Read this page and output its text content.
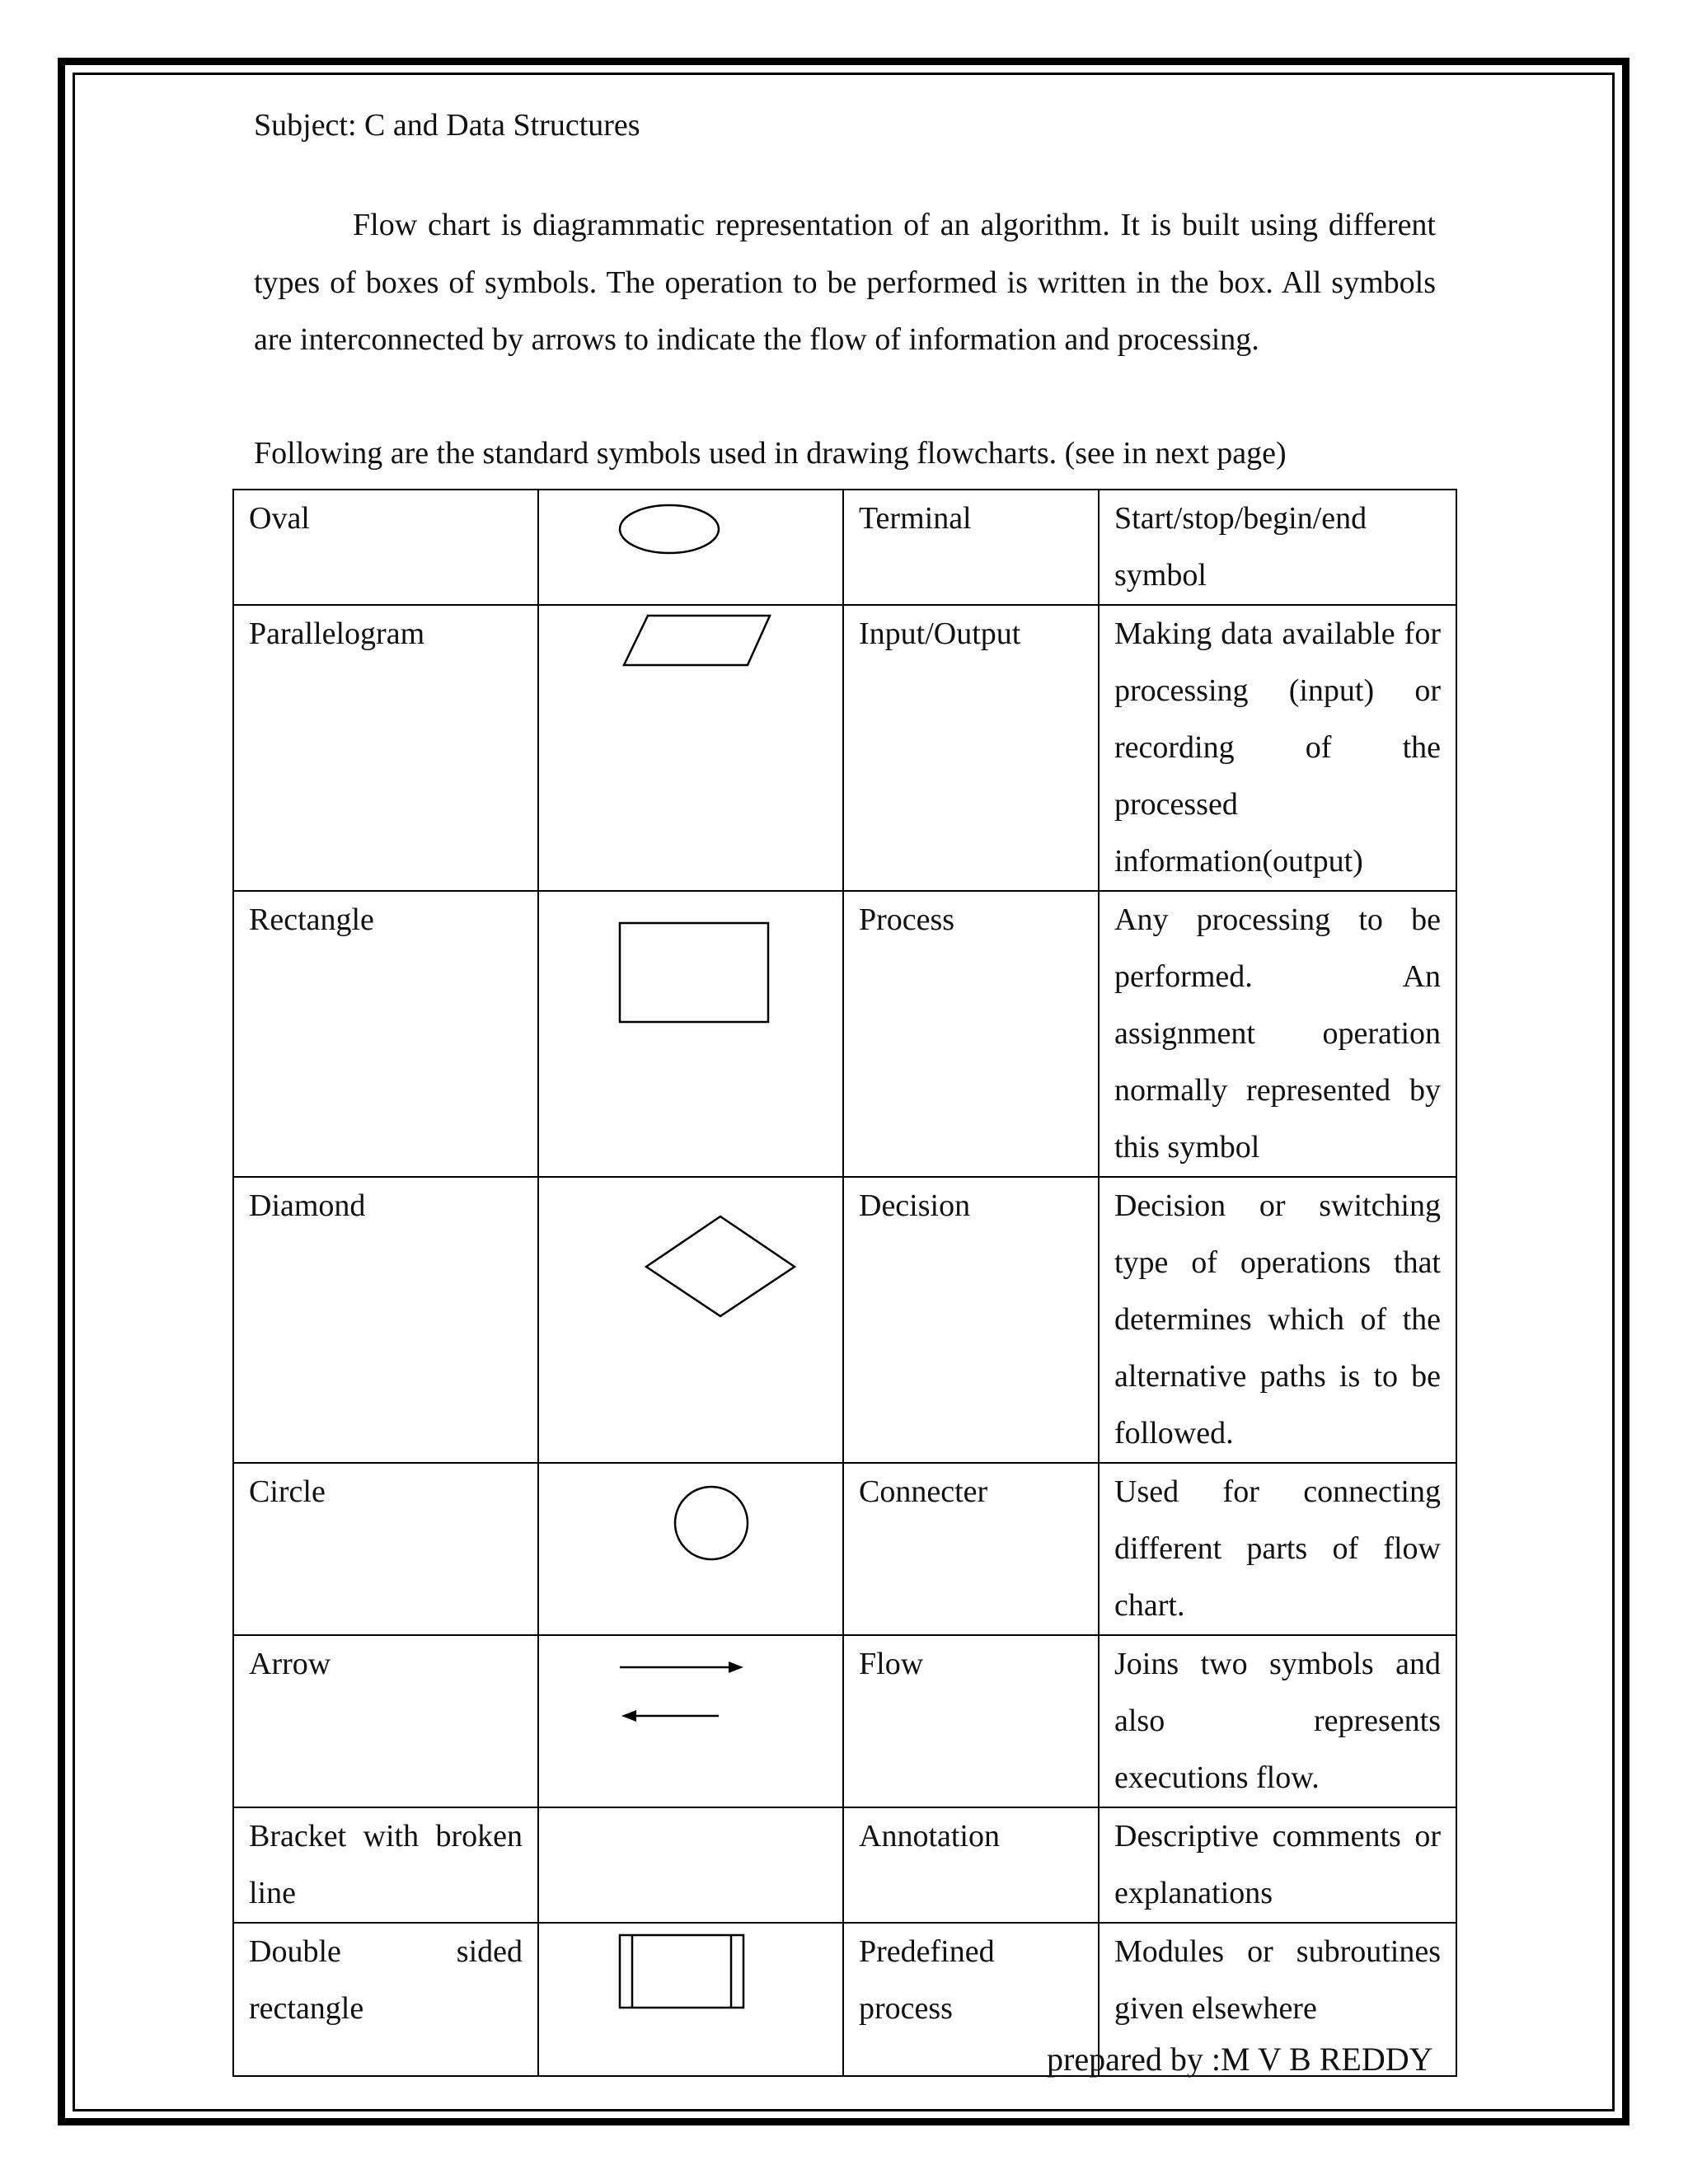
Subject: C and Data Structures

Flow chart is diagrammatic representation of an algorithm. It is built using different types of boxes of symbols. The operation to be performed is written in the box. All symbols are interconnected by arrows to indicate the flow of information and processing.

Following are the standard symbols used in drawing flowcharts. (see in next page)
Oval		Terminal	Start/stop/begin/end symbol
Parallelogram		Input/Output	Making data available for processing (input) or recording of the processed information(output)
Rectangle		Process	Any processing to be performed. An assignment operation normally represented by this symbol
Diamond		Decision	Decision or switching type of operations that determines which of the alternative paths is to be followed.
Circle		Connecter	Used for connecting different parts of flow chart.
Arrow		Flow	Joins two symbols and also represents executions flow.
Bracket with broken line		Annotation	Descriptive comments or explanations
Double sided rectangle		Predefined process	Modules or subroutines given elsewhere
prepared by :M V B REDDY
